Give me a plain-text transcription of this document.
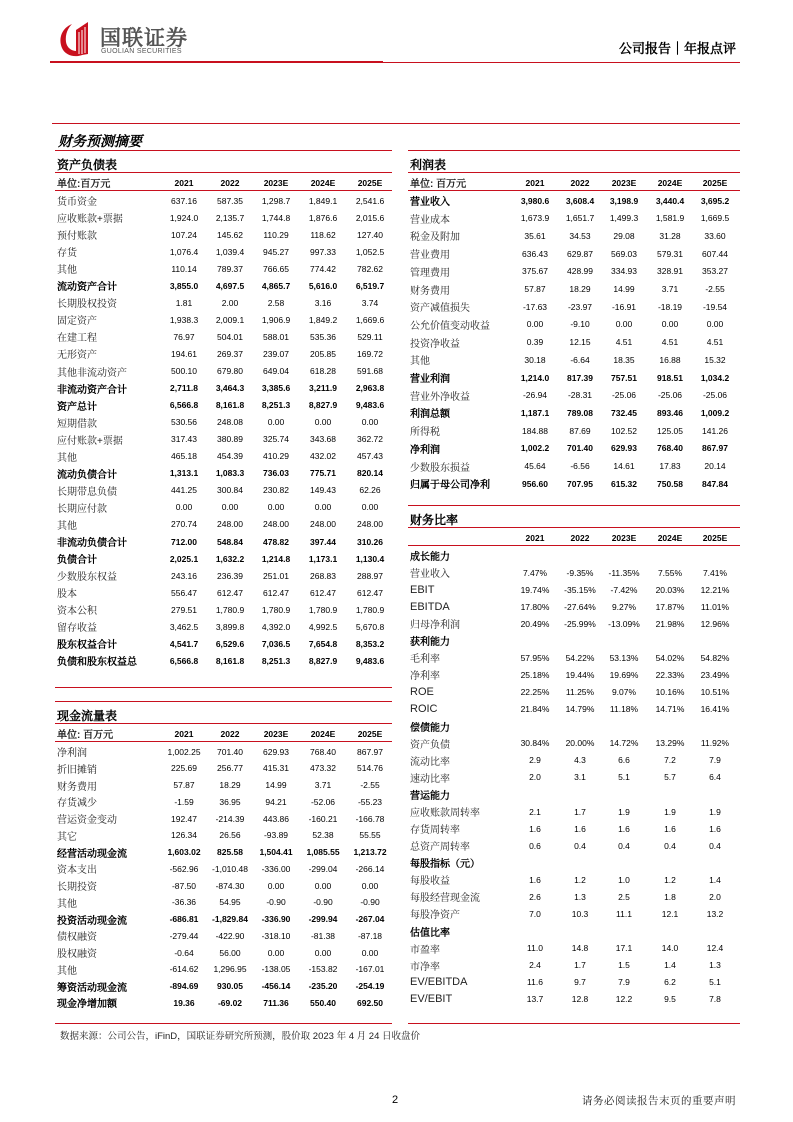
国联证券
GUOLIAN SECURITIES	公司报告｜年报点评
财务预测摘要
资产负债表
单位:百万元	2021	2022	2023E	2024E	2025E
货币资金	637.16	587.35	1,298.7	1,849.1	2,541.6
应收账款+票据	1,924.0	2,135.7	1,744.8	1,876.6	2,015.6
预付账款	107.24	145.62	110.29	118.62	127.40
存货	1,076.4	1,039.4	945.27	997.33	1,052.5
其他	110.14	789.37	766.65	774.42	782.62
流动资产合计	3,855.0	4,697.5	4,865.7	5,616.0	6,519.7
长期股权投资	1.81	2.00	2.58	3.16	3.74
固定资产	1,938.3	2,009.1	1,906.9	1,849.2	1,669.6
在建工程	76.97	504.01	588.01	535.36	529.11
无形资产	194.61	269.37	239.07	205.85	169.72
其他非流动资产	500.10	679.80	649.04	618.28	591.68
非流动资产合计	2,711.8	3,464.3	3,385.6	3,211.9	2,963.8
资产总计	6,566.8	8,161.8	8,251.3	8,827.9	9,483.6
短期借款	530.56	248.08	0.00	0.00	0.00
应付账款+票据	317.43	380.89	325.74	343.68	362.72
其他	465.18	454.39	410.29	432.02	457.43
流动负债合计	1,313.1	1,083.3	736.03	775.71	820.14
长期带息负债	441.25	300.84	230.82	149.43	62.26
长期应付款	0.00	0.00	0.00	0.00	0.00
其他	270.74	248.00	248.00	248.00	248.00
非流动负债合计	712.00	548.84	478.82	397.44	310.26
负债合计	2,025.1	1,632.2	1,214.8	1,173.1	1,130.4
少数股东权益	243.16	236.39	251.01	268.83	288.97
股本	556.47	612.47	612.47	612.47	612.47
资本公积	279.51	1,780.9	1,780.9	1,780.9	1,780.9
留存收益	3,462.5	3,899.8	4,392.0	4,992.5	5,670.8
股东权益合计	4,541.7	6,529.6	7,036.5	7,654.8	8,353.2
负债和股东权益总	6,566.8	8,161.8	8,251.3	8,827.9	9,483.6
现金流量表
单位: 百万元	2021	2022	2023E	2024E	2025E
净利润	1,002.25	701.40	629.93	768.40	867.97
折旧摊销	225.69	256.77	415.31	473.32	514.76
财务费用	57.87	18.29	14.99	3.71	-2.55
存货减少	-1.59	36.95	94.21	-52.06	-55.23
营运资金变动	192.47	-214.39	443.86	-160.21	-166.78
其它	126.34	26.56	-93.89	52.38	55.55
经营活动现金流	1,603.02	825.58	1,504.41	1,085.55	1,213.72
资本支出	-562.96	-1,010.48	-336.00	-299.04	-266.14
长期投资	-87.50	-874.30	0.00	0.00	0.00
其他	-36.36	54.95	-0.90	-0.90	-0.90
投资活动现金流	-686.81	-1,829.84	-336.90	-299.94	-267.04
债权融资	-279.44	-422.90	-318.10	-81.38	-87.18
股权融资	-0.64	56.00	0.00	0.00	0.00
其他	-614.62	1,296.95	-138.05	-153.82	-167.01
筹资活动现金流	-894.69	930.05	-456.14	-235.20	-254.19
现金净增加额	19.36	-69.02	711.36	550.40	692.50
利润表
单位: 百万元	2021	2022	2023E	2024E	2025E
营业收入	3,980.6	3,608.4	3,198.9	3,440.4	3,695.2
营业成本	1,673.9	1,651.7	1,499.3	1,581.9	1,669.5
税金及附加	35.61	34.53	29.08	31.28	33.60
营业费用	636.43	629.87	569.03	579.31	607.44
管理费用	375.67	428.99	334.93	328.91	353.27
财务费用	57.87	18.29	14.99	3.71	-2.55
资产减值损失	-17.63	-23.97	-16.91	-18.19	-19.54
公允价值变动收益	0.00	-9.10	0.00	0.00	0.00
投资净收益	0.39	12.15	4.51	4.51	4.51
其他	30.18	-6.64	18.35	16.88	15.32
营业利润	1,214.0	817.39	757.51	918.51	1,034.2
营业外净收益	-26.94	-28.31	-25.06	-25.06	-25.06
利润总额	1,187.1	789.08	732.45	893.46	1,009.2
所得税	184.88	87.69	102.52	125.05	141.26
净利润	1,002.2	701.40	629.93	768.40	867.97
少数股东损益	45.64	-6.56	14.61	17.83	20.14
归属于母公司净利	956.60	707.95	615.32	750.58	847.84
财务比率
2021	2022	2023E	2024E	2025E
成长能力
营业收入	7.47%	-9.35%	-11.35%	7.55%	7.41%
EBIT	19.74%	-35.15%	-7.42%	20.03%	12.21%
EBITDA	17.80%	-27.64%	9.27%	17.87%	11.01%
归母净利润	20.49%	-25.99%	-13.09%	21.98%	12.96%
获利能力
毛利率	57.95%	54.22%	53.13%	54.02%	54.82%
净利率	25.18%	19.44%	19.69%	22.33%	23.49%
ROE	22.25%	11.25%	9.07%	10.16%	10.51%
ROIC	21.84%	14.79%	11.18%	14.71%	16.41%
偿债能力
资产负债	30.84%	20.00%	14.72%	13.29%	11.92%
流动比率	2.9	4.3	6.6	7.2	7.9
速动比率	2.0	3.1	5.1	5.7	6.4
营运能力
应收账款周转率	2.1	1.7	1.9	1.9	1.9
存货周转率	1.6	1.6	1.6	1.6	1.6
总资产周转率	0.6	0.4	0.4	0.4	0.4
每股指标（元）
每股收益	1.6	1.2	1.0	1.2	1.4
每股经营现金流	2.6	1.3	2.5	1.8	2.0
每股净资产	7.0	10.3	11.1	12.1	13.2
估值比率
市盈率	11.0	14.8	17.1	14.0	12.4
市净率	2.4	1.7	1.5	1.4	1.3
EV/EBITDA	11.6	9.7	7.9	6.2	5.1
EV/EBIT	13.7	12.8	12.2	9.5	7.8
数据来源：公司公告，iFinD，国联证券研究所预测，股价取 2023 年 4 月 24 日收盘价
2	请务必阅读报告末页的重要声明
